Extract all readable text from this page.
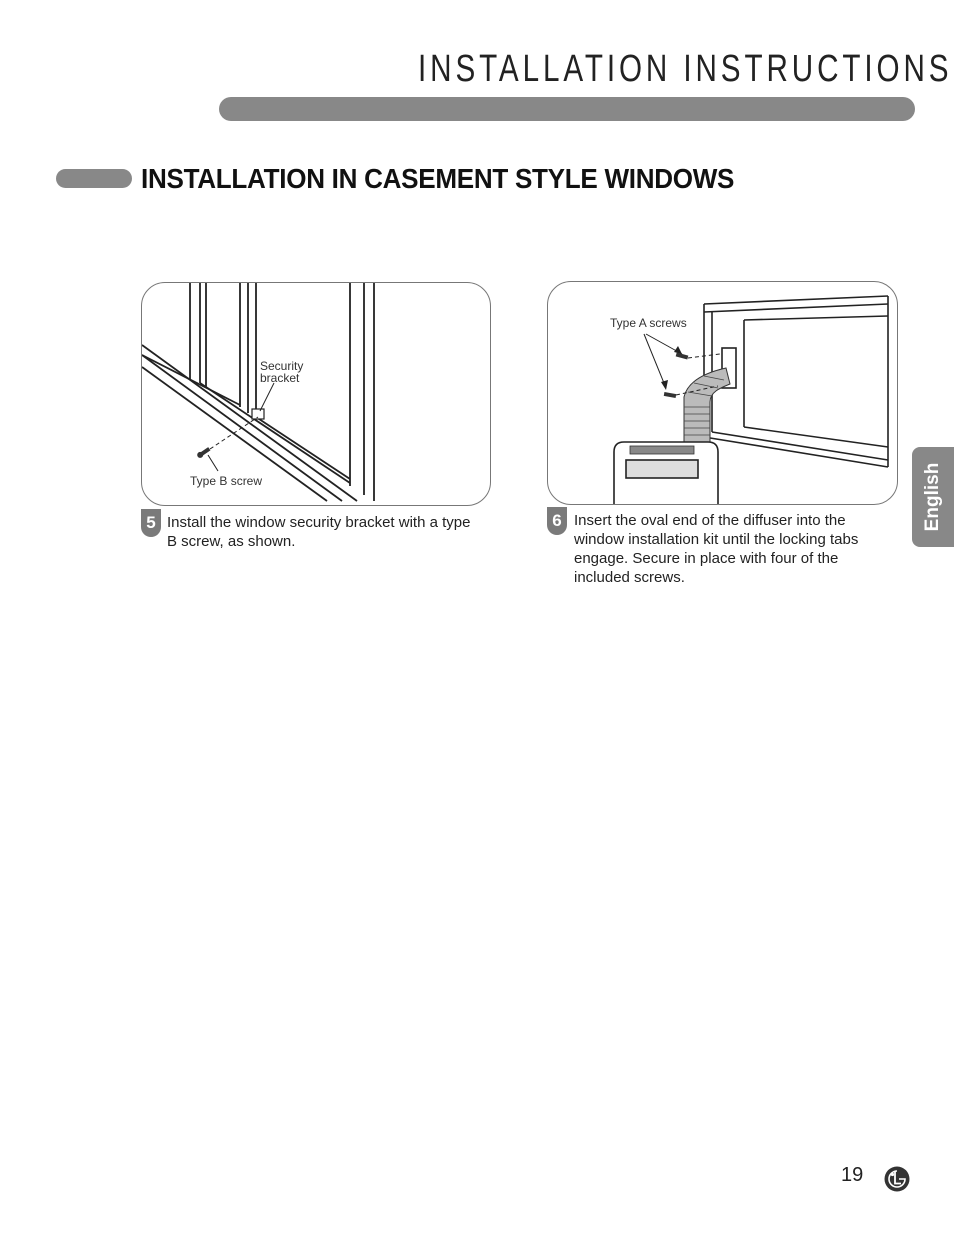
INSTALLATION INSTRUCTIONS
INSTALLATION IN CASEMENT STYLE WINDOWS
Security
bracket
Type B screw
5 Install the window security bracket with a type B screw, as shown.
Type A screws
6 Insert the oval end of the diffuser into the window installation kit until the locking tabs engage. Secure in place with four of the included screws.
English
19
